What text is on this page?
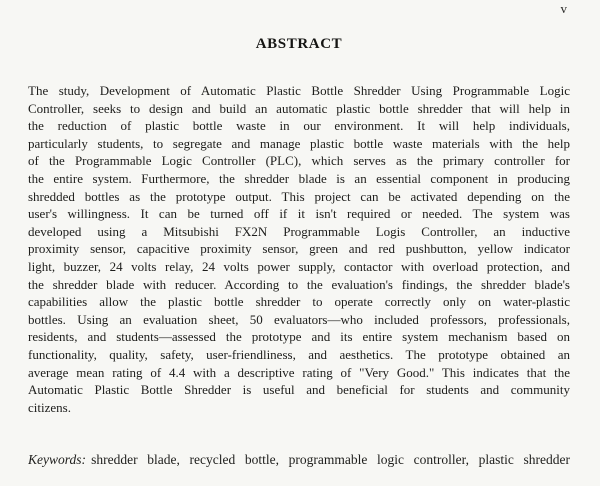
v
ABSTRACT
The study, Development of Automatic Plastic Bottle Shredder Using Programmable Logic
Controller, seeks to design and build an automatic plastic bottle shredder that will help in
the reduction of plastic bottle waste in our environment. It will help individuals,
particularly students, to segregate and manage plastic bottle waste materials with the help
of the Programmable Logic Controller (PLC), which serves as the primary controller for
the entire system. Furthermore, the shredder blade is an essential component in producing
shredded bottles as the prototype output. This project can be activated depending on the
user's willingness. It can be turned off if it isn't required or needed. The system was
developed using a Mitsubishi FX2N Programmable Logis Controller, an inductive
proximity sensor, capacitive proximity sensor, green and red pushbutton, yellow indicator
light, buzzer, 24 volts relay, 24 volts power supply, contactor with overload protection, and
the shredder blade with reducer. According to the evaluation's findings, the shredder blade's
capabilities allow the plastic bottle shredder to operate correctly only on water-plastic
bottles. Using an evaluation sheet, 50 evaluators—who included professors, professionals,
residents, and students—assessed the prototype and its entire system mechanism based on
functionality, quality, safety, user-friendliness, and aesthetics. The prototype obtained an
average mean rating of 4.4 with a descriptive rating of "Very Good." This indicates that the
Automatic Plastic Bottle Shredder is useful and beneficial for students and community
citizens.
Keywords: shredder blade, recycled bottle, programmable logic controller, plastic shredder
